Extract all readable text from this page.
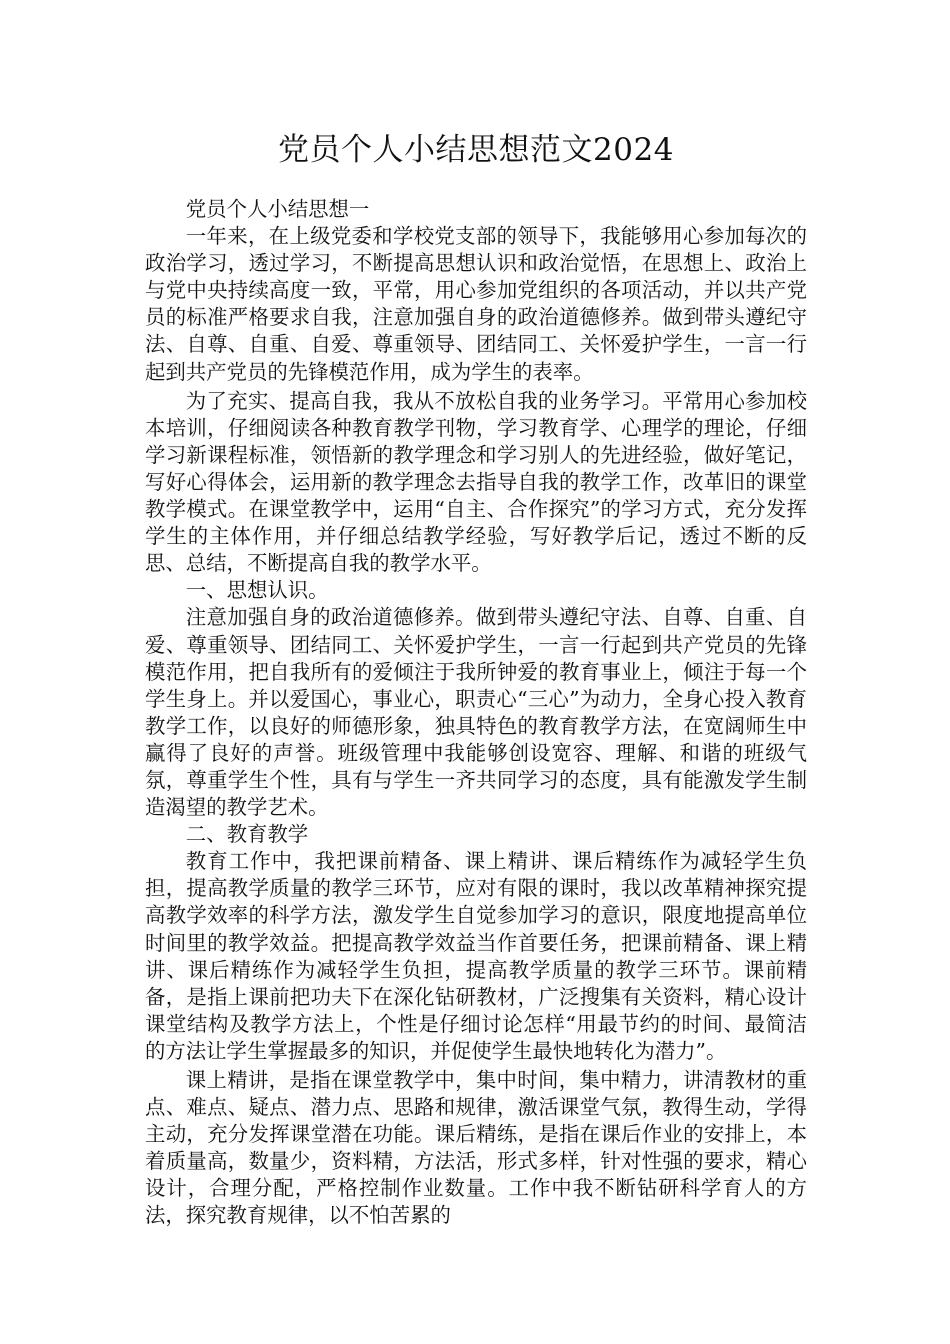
党员个人小结思想范文2024

党员个人小结思想一

一年来，在上级党委和学校党支部的领导下，我能够用心参加每次的政治学习，透过学习，不断提高思想认识和政治觉悟，在思想上、政治上与党中央持续高度一致，平常，用心参加党组织的各项活动，并以共产党员的标准严格要求自我，注意加强自身的政治道德修养。做到带头遵纪守法、自尊、自重、自爱、尊重领导、团结同工、关怀爱护学生，一言一行起到共产党员的先锋模范作用，成为学生的表率。

为了充实、提高自我，我从不放松自我的业务学习。平常用心参加校本培训，仔细阅读各种教育教学刊物，学习教育学、心理学的理论，仔细学习新课程标准，领悟新的教学理念和学习别人的先进经验，做好笔记，写好心得体会，运用新的教学理念去指导自我的教学工作，改革旧的课堂教学模式。在课堂教学中，运用“自主、合作探究”的学习方式，充分发挥学生的主体作用，并仔细总结教学经验，写好教学后记，透过不断的反思、总结，不断提高自我的教学水平。

一、思想认识。

注意加强自身的政治道德修养。做到带头遵纪守法、自尊、自重、自爱、尊重领导、团结同工、关怀爱护学生，一言一行起到共产党员的先锋模范作用，把自我所有的爱倾注于我所钟爱的教育事业上，倾注于每一个学生身上。并以爱国心，事业心，职责心“三心”为动力，全身心投入教育教学工作，以良好的师德形象，独具特色的教育教学方法，在宽阔师生中赢得了良好的声誉。班级管理中我能够创设宽容、理解、和谐的班级气氛，尊重学生个性，具有与学生一齐共同学习的态度，具有能激发学生制造渴望的教学艺术。

二、教育教学

教育工作中，我把课前精备、课上精讲、课后精练作为减轻学生负担，提高教学质量的教学三环节，应对有限的课时，我以改革精神探究提高教学效率的科学方法，激发学生自觉参加学习的意识，限度地提高单位时间里的教学效益。把提高教学效益当作首要任务，把课前精备、课上精讲、课后精练作为减轻学生负担，提高教学质量的教学三环节。课前精备，是指上课前把功夫下在深化钻研教材，广泛搜集有关资料，精心设计课堂结构及教学方法上，个性是仔细讨论怎样“用最节约的时间、最简洁的方法让学生掌握最多的知识，并促使学生最快地转化为潜力”。

课上精讲，是指在课堂教学中，集中时间，集中精力，讲清教材的重点、难点、疑点、潜力点、思路和规律，激活课堂气氛，教得生动，学得主动，充分发挥课堂潜在功能。课后精练，是指在课后作业的安排上，本着质量高，数量少，资料精，方法活，形式多样，针对性强的要求，精心设计，合理分配，严格控制作业数量。工作中我不断钻研科学育人的方法，探究教育规律，以不怕苦累的
